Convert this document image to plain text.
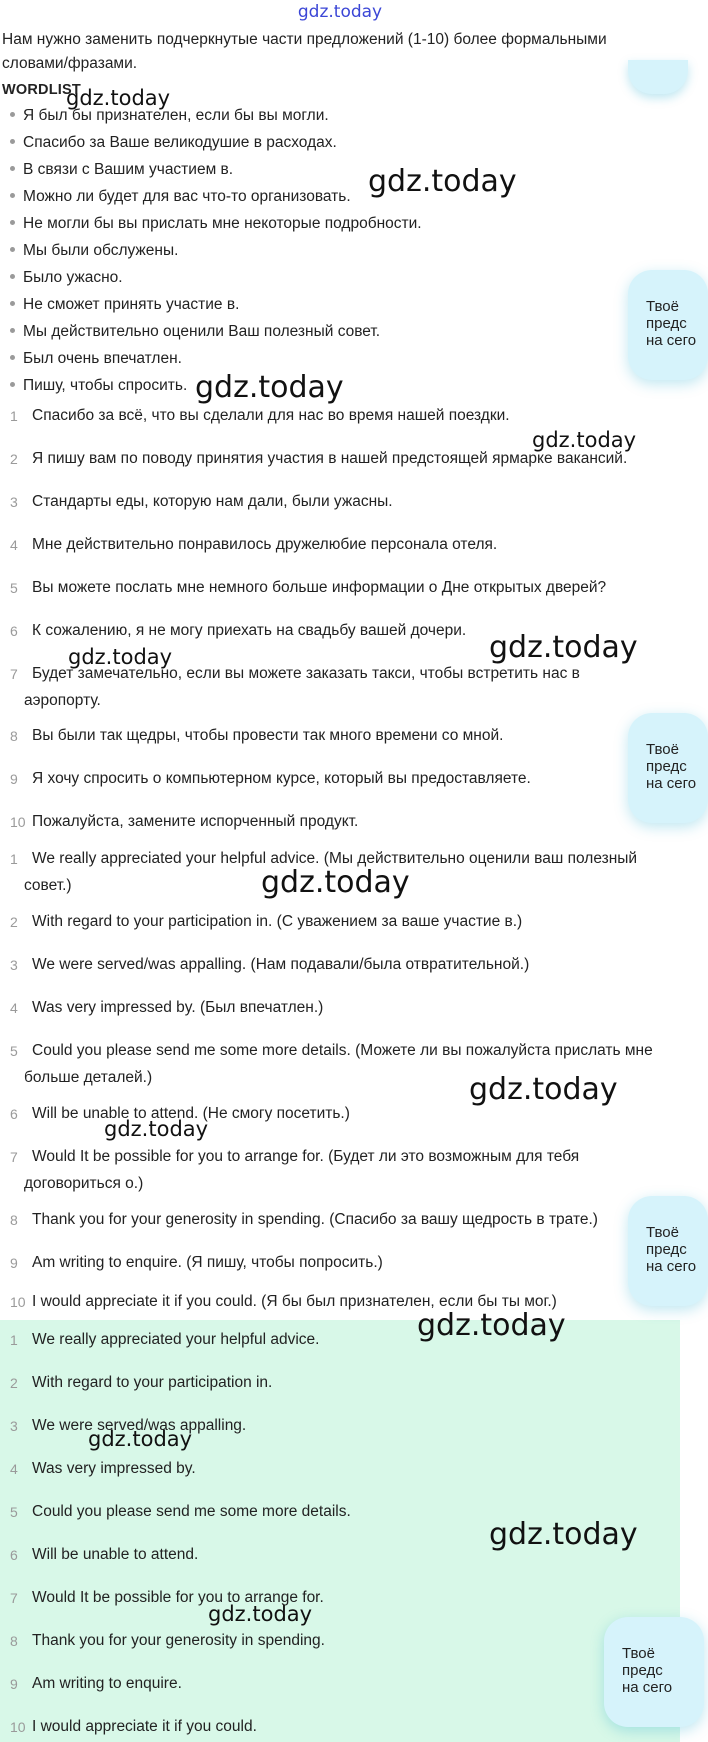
gdz.today
Нам нужно заменить подчеркнутые части предложений (1-10) более формальными словами/фразами.
WORDLIST
Я был бы признателен, если бы вы могли.
Спасибо за Ваше великодушие в расходах.
В связи с Вашим участием в.
Можно ли будет для вас что-то организовать.
Не могли бы вы прислать мне некоторые подробности.
Мы были обслужены.
Было ужасно.
Не сможет принять участие в.
Мы действительно оценили Ваш полезный совет.
Был очень впечатлен.
Пишу, чтобы спросить.
1 Спасибо за всё, что вы сделали для нас во время нашей поездки.
2 Я пишу вам по поводу принятия участия в нашей предстоящей ярмарке вакансий.
3 Стандарты еды, которую нам дали, были ужасны.
4 Мне действительно понравилось дружелюбие персонала отеля.
5 Вы можете послать мне немного больше информации о Дне открытых дверей?
6 К сожалению, я не могу приехать на свадьбу вашей дочери.
7 Будет замечательно, если вы можете заказать такси, чтобы встретить нас в аэропорту.
8 Вы были так щедры, чтобы провести так много времени со мной.
9 Я хочу спросить о компьютерном курсе, который вы предоставляете.
10 Пожалуйста, замените испорченный продукт.
1 We really appreciated your helpful advice. (Мы действительно оценили ваш полезный совет.)
2 With regard to your participation in. (С уважением за ваше участие в.)
3 We were served/was appalling. (Нам подавали/была отвратительной.)
4 Was very impressed by. (Был впечатлен.)
5 Could you please send me some more details. (Можете ли вы пожалуйста прислать мне больше деталей.)
6 Will be unable to attend. (Не смогу посетить.)
7 Would It be possible for you to arrange for. (Будет ли это возможным для тебя договориться о.)
8 Thank you for your generosity in spending. (Спасибо за вашу щедрость в трате.)
9 Am writing to enquire. (Я пишу, чтобы попросить.)
10 I would appreciate it if you could. (Я бы был признателен, если бы ты мог.)
1 We really appreciated your helpful advice.
2 With regard to your participation in.
3 We were served/was appalling.
4 Was very impressed by.
5 Could you please send me some more details.
6 Will be unable to attend.
7 Would It be possible for you to arrange for.
8 Thank you for your generosity in spending.
9 Am writing to enquire.
10 I would appreciate it if you could.
Твоё
предс
на сего
Твоё
предс
на сего
Твоё
предс
на сего
Твоё
предс
на сего
gdz.today
gdz.today
gdz.today
gdz.today
gdz.today	gdz.today
gdz.today
gdz.today
gdz.today
gdz.today
gdz.today
gdz.today
gdz.today
